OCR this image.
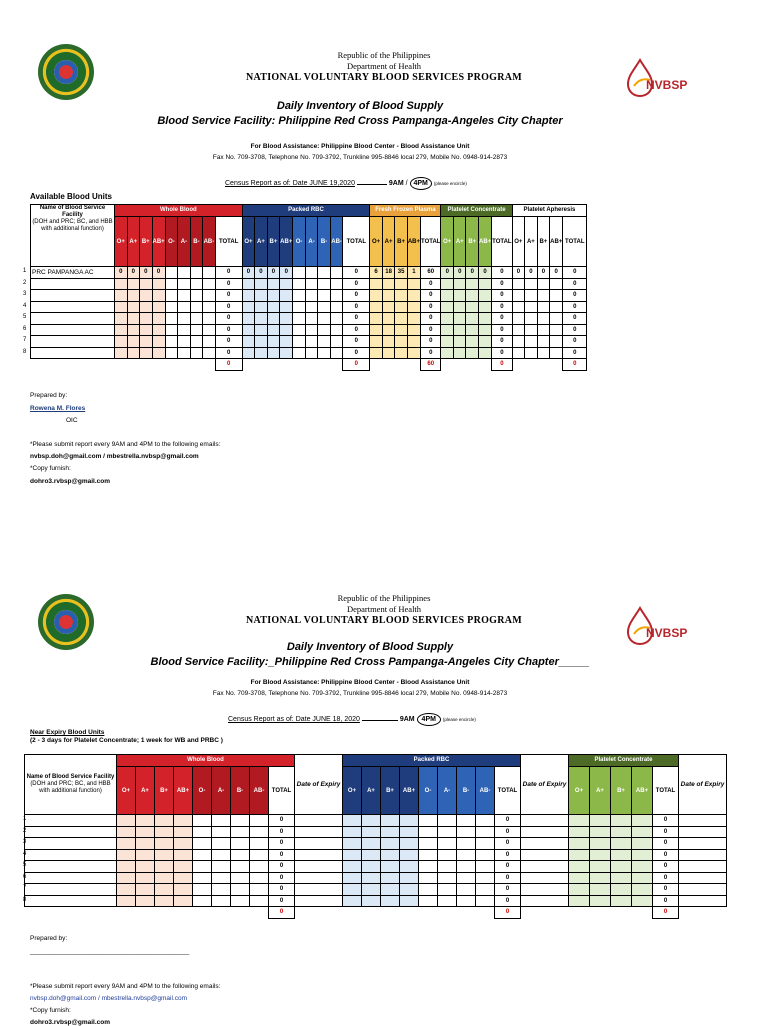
NVBSP
Republic of the Philippines
Department of Health
NATIONAL VOLUNTARY BLOOD SERVICES PROGRAM
Daily Inventory of Blood Supply
Blood Service Facility: Philippine Red Cross Pampanga-Angeles City Chapter
For Blood Assistance: Philippine Blood Center - Blood Assistance Unit
Fax No. 709-3708, Telephone No. 709-3792, Trunkline 995-8846 local 279, Mobile No. 0948-914-2873
Census Report as of: Date JUNE 19,2020	9AM / 4PM (please encircle)
Available Blood Units
Name of Blood Service Facility
(DOH and PRC; BC, and HBB with additional function)	Whole Blood									Packed RBC									Fresh Frozen Plasma					Platelet Concentrate					Platelet Apheresis				
	O+	A+	B+	AB+	O-	A-	B-	AB-	TOTAL	O+	A+	B+	AB+	O-	A-	B-	AB-	TOTAL	O+	A+	B+	AB+	TOTAL	O+	A+	B+	AB+	TOTAL	O+	A+	B+	AB+	TOTAL

1 PRC PAMPANGA AC	0	0	0	0					0	0	0	0	0					0	6	18	35	1	60	0	0	0	0	0	0	0	0	0	0

2									0									0					0					0					0

3									0									0					0					0					0

4									0									0					0					0					0

5									0									0					0					0					0

6									0									0					0					0					0

7									0									0					0					0					0

8									0									0					0					0					0
									0									0					60					0					0
Prepared by:
Rowena M. Flores
OIC
*Please submit report every 9AM and 4PM to the following emails:
nvbsp.doh@gmail.com / mbestrella.nvbsp@gmail.com
*Copy furnish:
dohro3.rvbsp@gmail.com
NVBSP
Republic of the Philippines
Department of Health
NATIONAL VOLUNTARY BLOOD SERVICES PROGRAM
Daily Inventory of Blood Supply
Blood Service Facility:_Philippine Red Cross Pampanga-Angeles City Chapter_____
For Blood Assistance: Philippine Blood Center - Blood Assistance Unit
Fax No. 709-3708, Telephone No. 709-3792, Trunkline 995-8846 local 279, Mobile No. 0948-914-2873
Census Report as of: Date JUNE 18, 2020	9AM 4PM (please encircle)
Near Expiry Blood Units
(2 - 3 days for Platelet Concentrate; 1 week for WB and PRBC )
Name of Blood Service Facility
(DOH and PRC; BC, and HBB with additional function)	Whole Blood									Date of Expiry	Packed RBC									Date of Expiry	Platelet Concentrate					Date of Expiry
	O+	A+	B+	AB+	O-	A-	B-	AB-	TOTAL		O+	A+	B+	AB+	O-	A-	B-	AB-	TOTAL		O+	A+	B+	AB+	TOTAL	

1									0										0						0	

2									0										0						0	

3									0										0						0	

4									0										0						0	

5									0										0						0	

6									0										0						0	

7									0										0						0	

8									0										0						0	
									0										0						0	
Prepared by:
____________________________________________
*Please submit report every 9AM and 4PM to the following emails:
nvbsp.doh@gmail.com / mbestrella.nvbsp@gmail.com
*Copy furnish:
dohro3.rvbsp@gmail.com
